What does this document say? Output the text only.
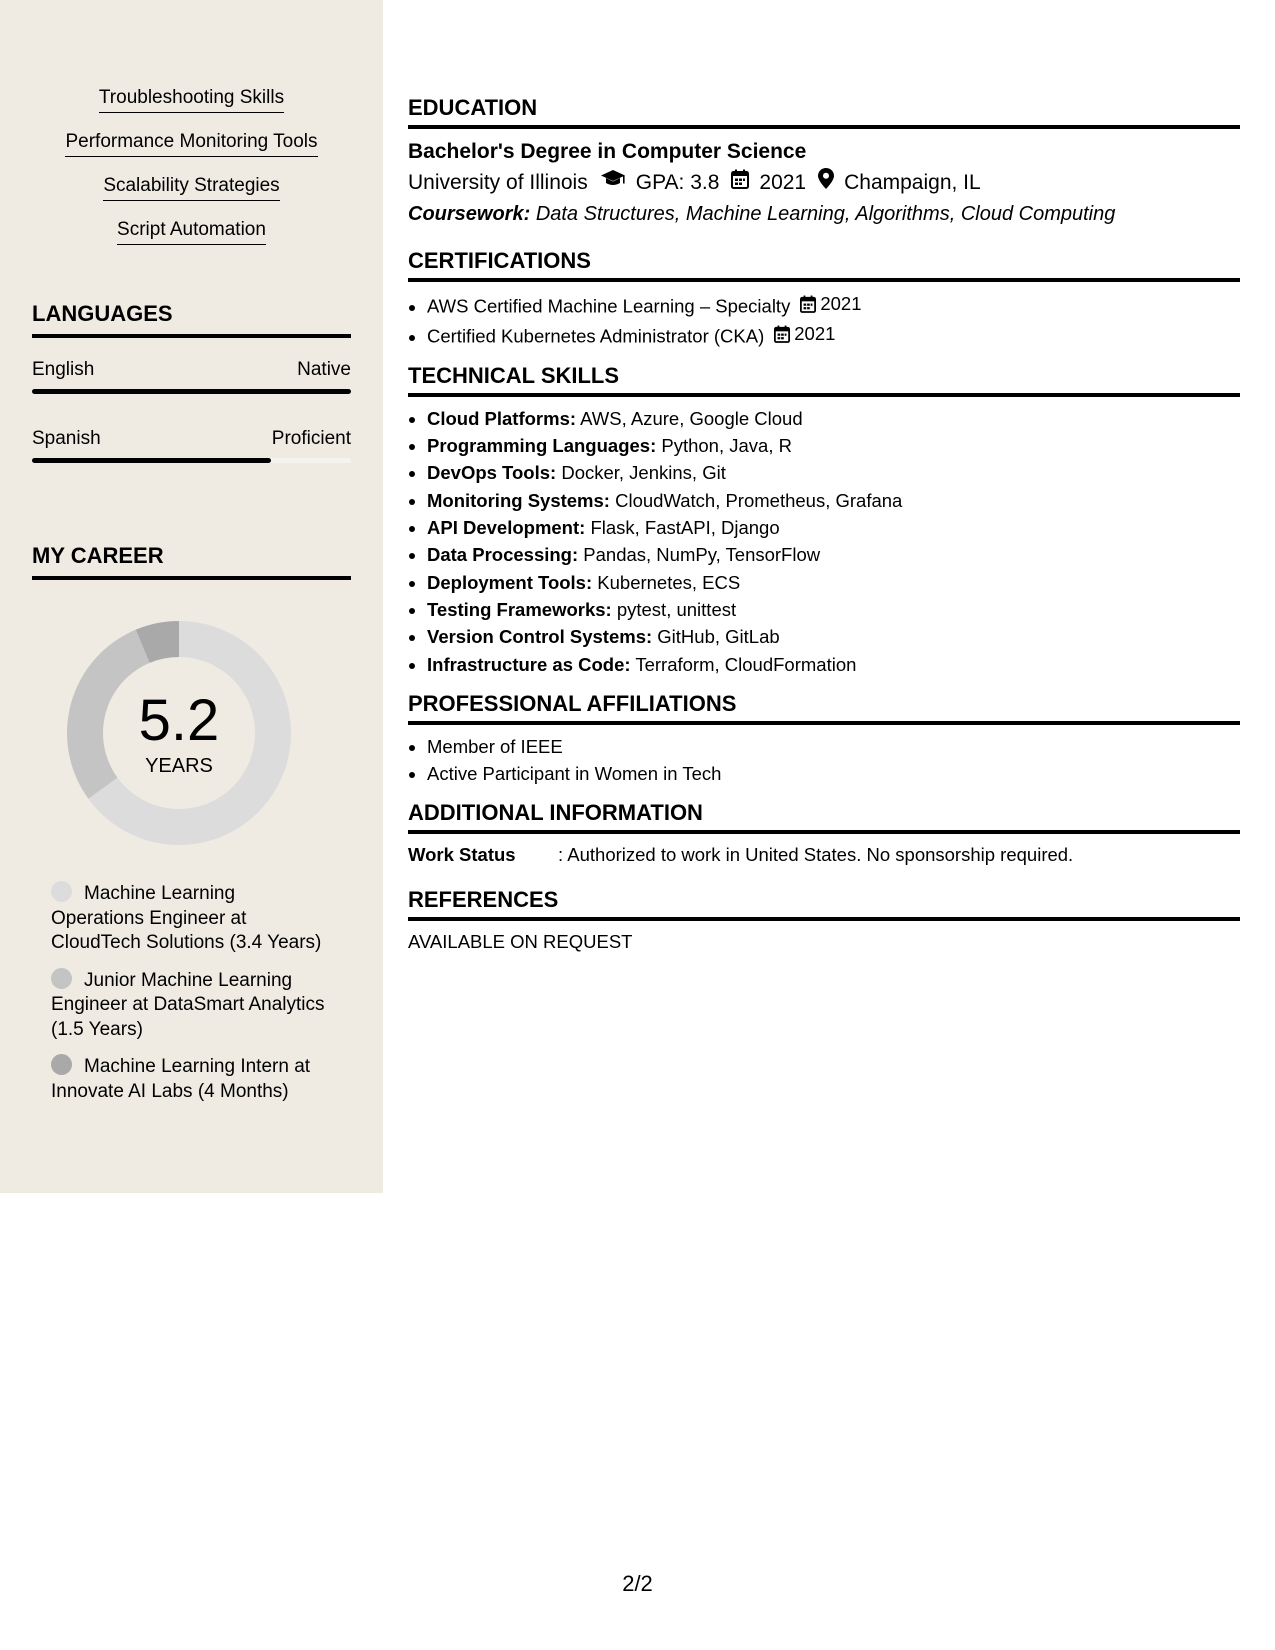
Troubleshooting Skills
Performance Monitoring Tools
Scalability Strategies
Script Automation
LANGUAGES
English	Native
Spanish	Proficient
MY CAREER
5.2
YEARS
Machine Learning Operations Engineer at CloudTech Solutions (3.4 Years)
Junior Machine Learning Engineer at DataSmart Analytics (1.5 Years)
Machine Learning Intern at Innovate AI Labs (4 Months)
EDUCATION
Bachelor's Degree in Computer Science
University of Illinois GPA: 3.8 2021 Champaign, IL
Coursework: Data Structures, Machine Learning, Algorithms, Cloud Computing
CERTIFICATIONS
• AWS Certified Machine Learning – Specialty 2021
• Certified Kubernetes Administrator (CKA) 2021
TECHNICAL SKILLS
• Cloud Platforms: AWS, Azure, Google Cloud
• Programming Languages: Python, Java, R
• DevOps Tools: Docker, Jenkins, Git
• Monitoring Systems: CloudWatch, Prometheus, Grafana
• API Development: Flask, FastAPI, Django
• Data Processing: Pandas, NumPy, TensorFlow
• Deployment Tools: Kubernetes, ECS
• Testing Frameworks: pytest, unittest
• Version Control Systems: GitHub, GitLab
• Infrastructure as Code: Terraform, CloudFormation
PROFESSIONAL AFFILIATIONS
• Member of IEEE
• Active Participant in Women in Tech
ADDITIONAL INFORMATION
Work Status	: Authorized to work in United States. No sponsorship required.
REFERENCES
AVAILABLE ON REQUEST
2/2
